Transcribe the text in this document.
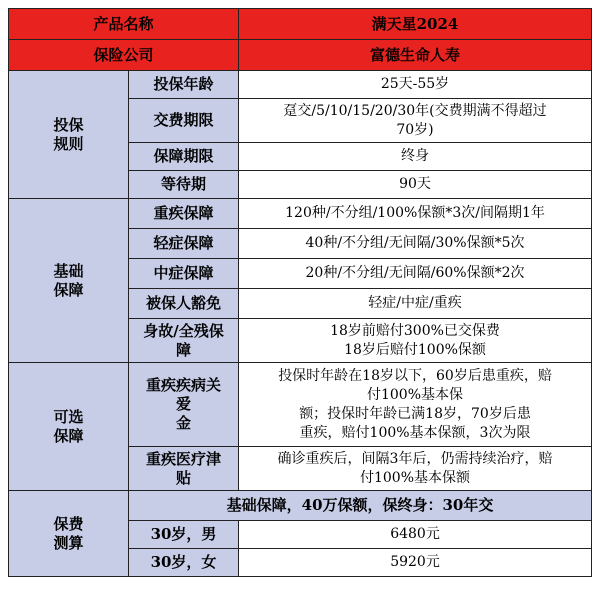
产品名称		满天星2024
保险公司		富德生命人寿

投保
规则	投保年龄	25天-55岁
	交费期限	趸交/5/10/15/20/30年(交费期满不得超过
70岁)

	保障期限	终身
	等待期	90天

基础
保障	重疾保障	120种/不分组/100%保额*3次/间隔期1年
	轻症保障	40种/不分组/无间隔/30%保额*5次
	中症保障	20种/不分组/无间隔/60%保额*2次
	被保人豁免	轻症/中症/重疾

	身故/全残保
障	18岁前赔付300%已交保费
18岁后赔付100%保额

可选
保障	重疾疾病关
爱
金	投保时年龄在18岁以下，60岁后患重疾，赔
付100%基本保
额；投保时年龄已满18岁，70岁后患
重疾，赔付100%基本保额，3次为限

	重疾医疗津
贴	确诊重疾后，间隔3年后，仍需持续治疗，赔
付100%基本保额

保费
测算	基础保障，40万保额，保终身：30年交	
	30岁，男	6480元
	30岁，女	5920元
